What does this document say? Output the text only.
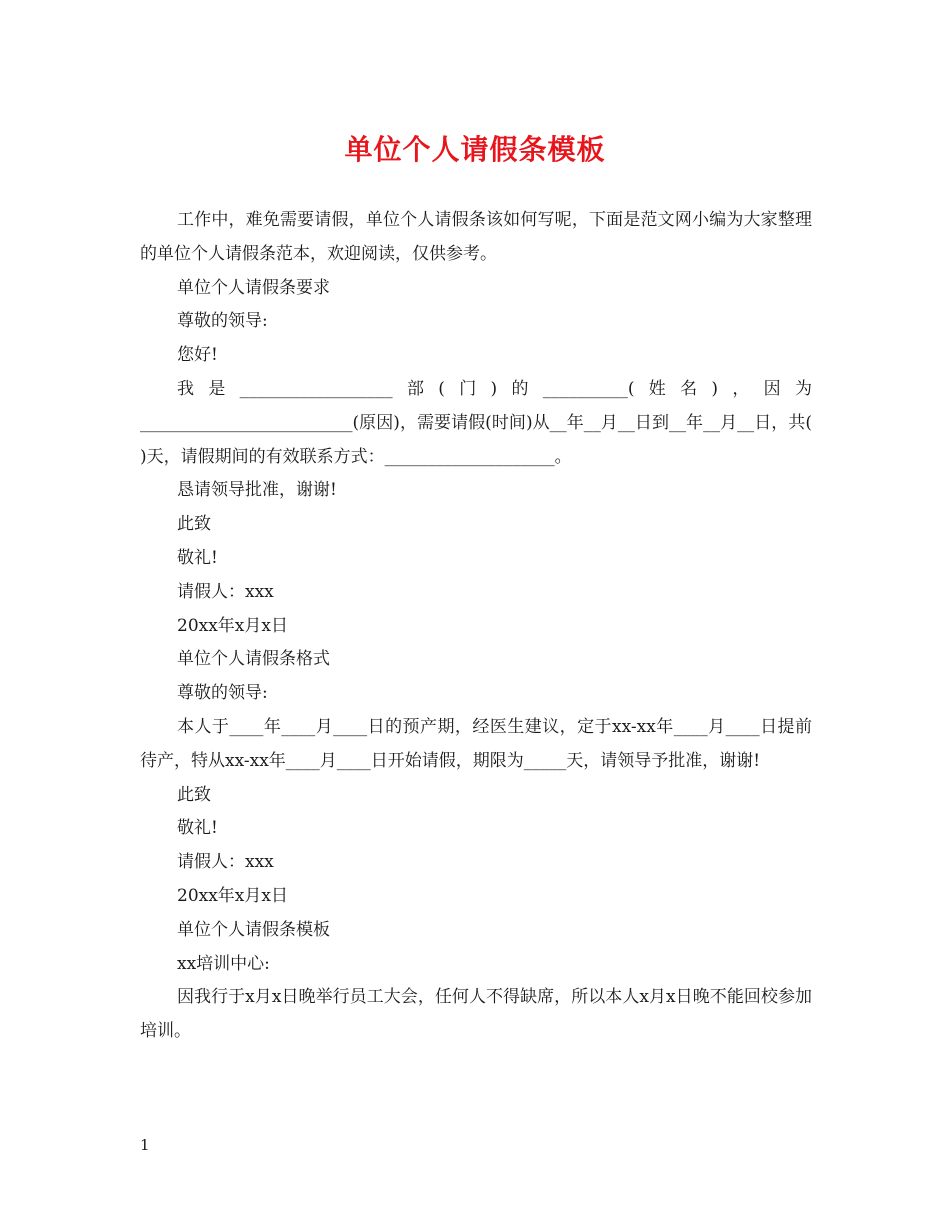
单位个人请假条模板

工作中，难免需要请假，单位个人请假条该如何写呢，下面是范文网小编为大家整理的单位个人请假条范本，欢迎阅读，仅供参考。

单位个人请假条要求

尊敬的领导:

您好!

我是__________________部(门)的__________(姓名)，因为_________________________(原因)，需要请假(时间)从__年__月__日到__年__月__日，共( )天，请假期间的有效联系方式：____________________。

恳请领导批准，谢谢!

此致

敬礼!

请假人：xxx

20xx年x月x日

单位个人请假条格式

尊敬的领导:

本人于____年____月____日的预产期，经医生建议，定于xx-xx年____月____日提前待产，特从xx-xx年____月____日开始请假，期限为_____天，请领导予批准，谢谢!

此致

敬礼!

请假人：xxx

20xx年x月x日

单位个人请假条模板

xx培训中心:

因我行于x月x日晚举行员工大会，任何人不得缺席，所以本人x月x日晚不能回校参加培训。

1
